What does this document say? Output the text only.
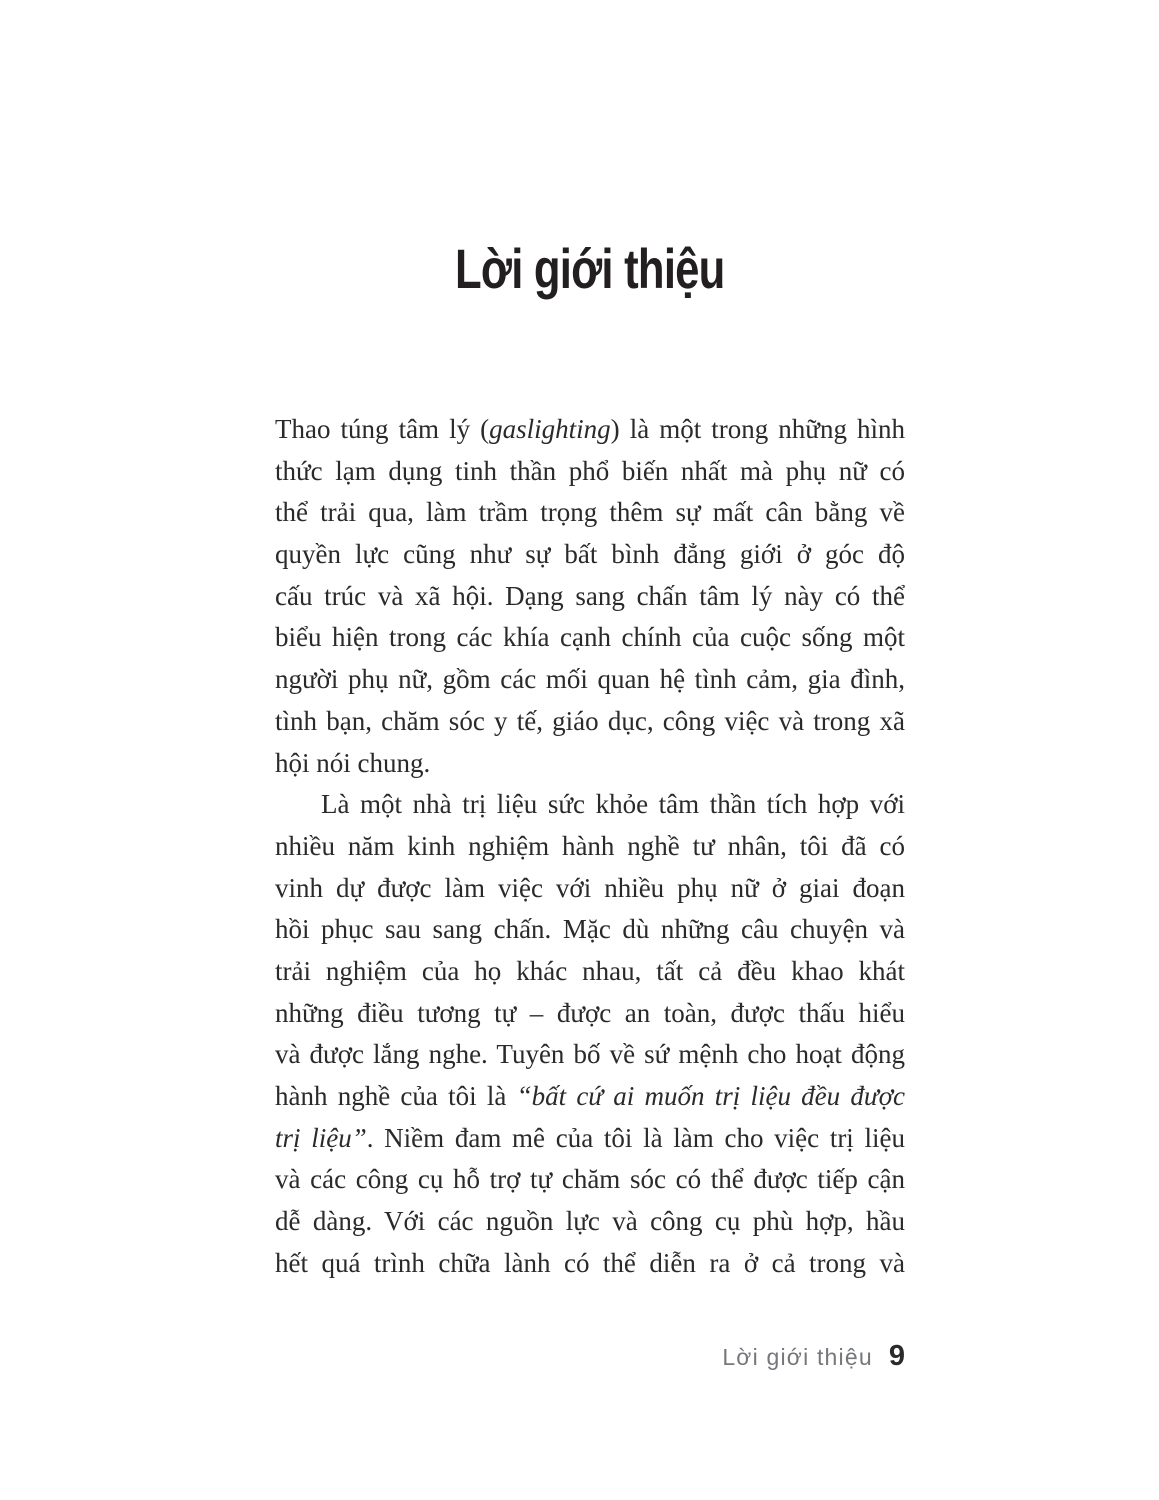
Lời giới thiệu
Thao túng tâm lý (gaslighting) là một trong những hình
thức lạm dụng tinh thần phổ biến nhất mà phụ nữ có
thể trải qua, làm trầm trọng thêm sự mất cân bằng về
quyền lực cũng như sự bất bình đẳng giới ở góc độ
cấu trúc và xã hội. Dạng sang chấn tâm lý này có thể
biểu hiện trong các khía cạnh chính của cuộc sống một
người phụ nữ, gồm các mối quan hệ tình cảm, gia đình,
tình bạn, chăm sóc y tế, giáo dục, công việc và trong xã
hội nói chung.
Là một nhà trị liệu sức khỏe tâm thần tích hợp với
nhiều năm kinh nghiệm hành nghề tư nhân, tôi đã có
vinh dự được làm việc với nhiều phụ nữ ở giai đoạn
hồi phục sau sang chấn. Mặc dù những câu chuyện và
trải nghiệm của họ khác nhau, tất cả đều khao khát
những điều tương tự – được an toàn, được thấu hiểu
và được lắng nghe. Tuyên bố về sứ mệnh cho hoạt động
hành nghề của tôi là “bất cứ ai muốn trị liệu đều được
trị liệu”. Niềm đam mê của tôi là làm cho việc trị liệu
và các công cụ hỗ trợ tự chăm sóc có thể được tiếp cận
dễ dàng. Với các nguồn lực và công cụ phù hợp, hầu
hết quá trình chữa lành có thể diễn ra ở cả trong và
Lời giới thiệu 9
